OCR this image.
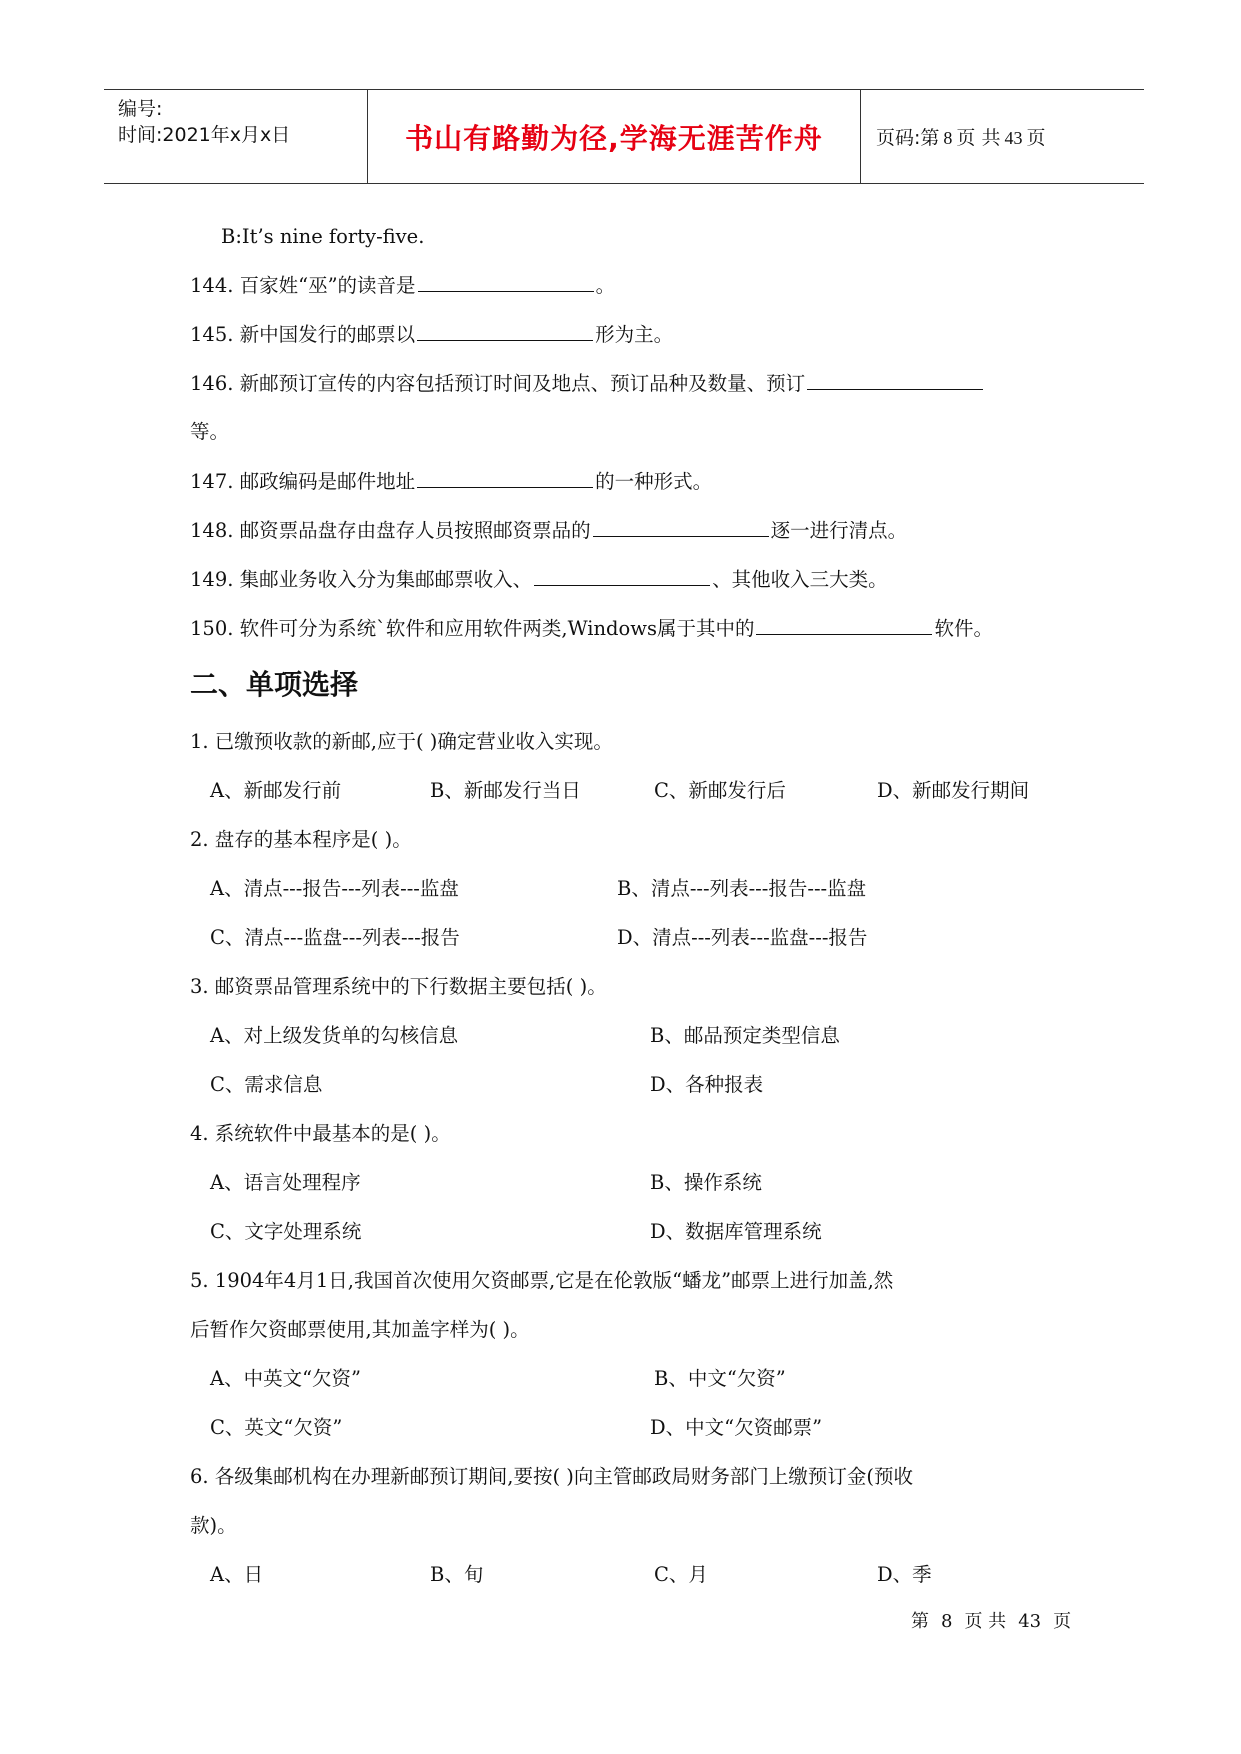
编号:
时间:2021年x月x日	书山有路勤为径,学海无涯苦作舟	页码:第 8 页 共 43 页
B:It’s nine forty-five.
144. 百家姓“巫”的读音是	。
145. 新中国发行的邮票以	形为主。
146. 新邮预订宣传的内容包括预订时间及地点、预订品种及数量、预订
等。
147. 邮政编码是邮件地址	的一种形式。
148. 邮资票品盘存由盘存人员按照邮资票品的	逐一进行清点。
149. 集邮业务收入分为集邮邮票收入、	、其他收入三大类。
150. 软件可分为系统`软件和应用软件两类,Windows属于其中的	软件。
二、单项选择
1. 已缴预收款的新邮,应于( )确定营业收入实现。
A、新邮发行前	B、新邮发行当日	C、新邮发行后	D、新邮发行期间
2. 盘存的基本程序是( )。
A、清点---报告---列表---监盘	B、清点---列表---报告---监盘
C、清点---监盘---列表---报告	D、清点---列表---监盘---报告
3. 邮资票品管理系统中的下行数据主要包括( )。
A、对上级发货单的勾核信息	B、邮品预定类型信息
C、需求信息	D、各种报表
4. 系统软件中最基本的是( )。
A、语言处理程序	B、操作系统
C、文字处理系统	D、数据库管理系统
5. 1904年4月1日,我国首次使用欠资邮票,它是在伦敦版“蟠龙”邮票上进行加盖,然
后暂作欠资邮票使用,其加盖字样为( )。
A、中英文“欠资”	B、中文“欠资”
C、英文“欠资”	D、中文“欠资邮票”
6. 各级集邮机构在办理新邮预订期间,要按( )向主管邮政局财务部门上缴预订金(预收
款)。
A、日	B、旬	C、月	D、季
第 8 页 共 43 页
